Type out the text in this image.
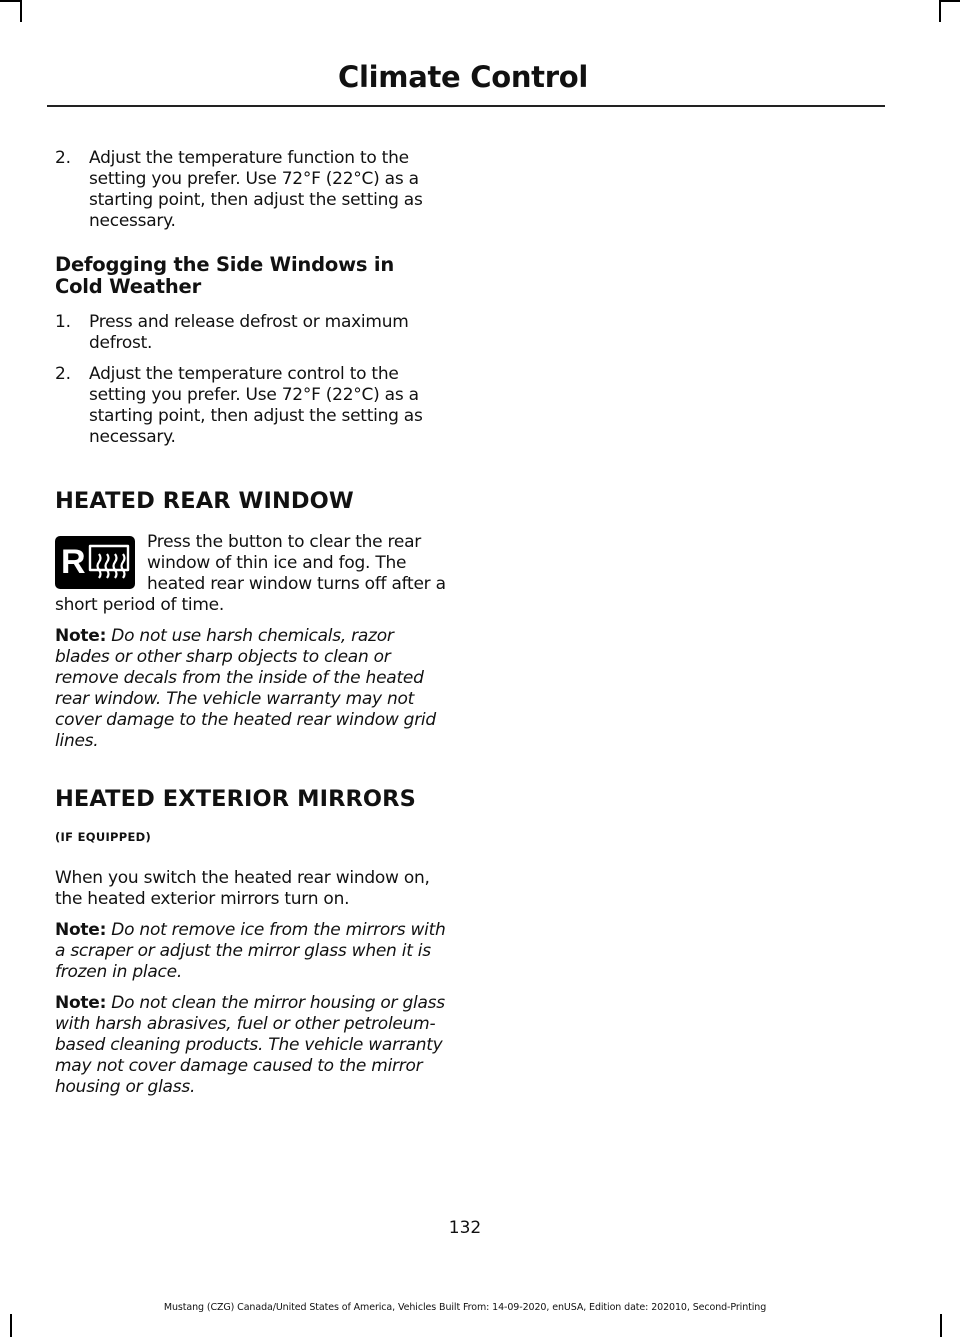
Climate Control

2. Adjust the temperature function to the setting you prefer. Use 72°F (22°C) as a starting point, then adjust the setting as necessary.

Defogging the Side Windows in Cold Weather

1. Press and release defrost or maximum defrost.

2. Adjust the temperature control to the setting you prefer. Use 72°F (22°C) as a starting point, then adjust the setting as necessary.

HEATED REAR WINDOW
R

Press the button to clear the rear window of thin ice and fog. The heated rear window turns off after a short period of time.

Note: Do not use harsh chemicals, razor blades or other sharp objects to clean or remove decals from the inside of the heated rear window. The vehicle warranty may not cover damage to the heated rear window grid lines.

HEATED EXTERIOR MIRRORS

(IF EQUIPPED)

When you switch the heated rear window on, the heated exterior mirrors turn on.

Note: Do not remove ice from the mirrors with a scraper or adjust the mirror glass when it is frozen in place.

Note: Do not clean the mirror housing or glass with harsh abrasives, fuel or other petroleum-based cleaning products. The vehicle warranty may not cover damage caused to the mirror housing or glass.

132

Mustang (CZG) Canada/United States of America, Vehicles Built From: 14-09-2020, enUSA, Edition date: 202010, Second-Printing
